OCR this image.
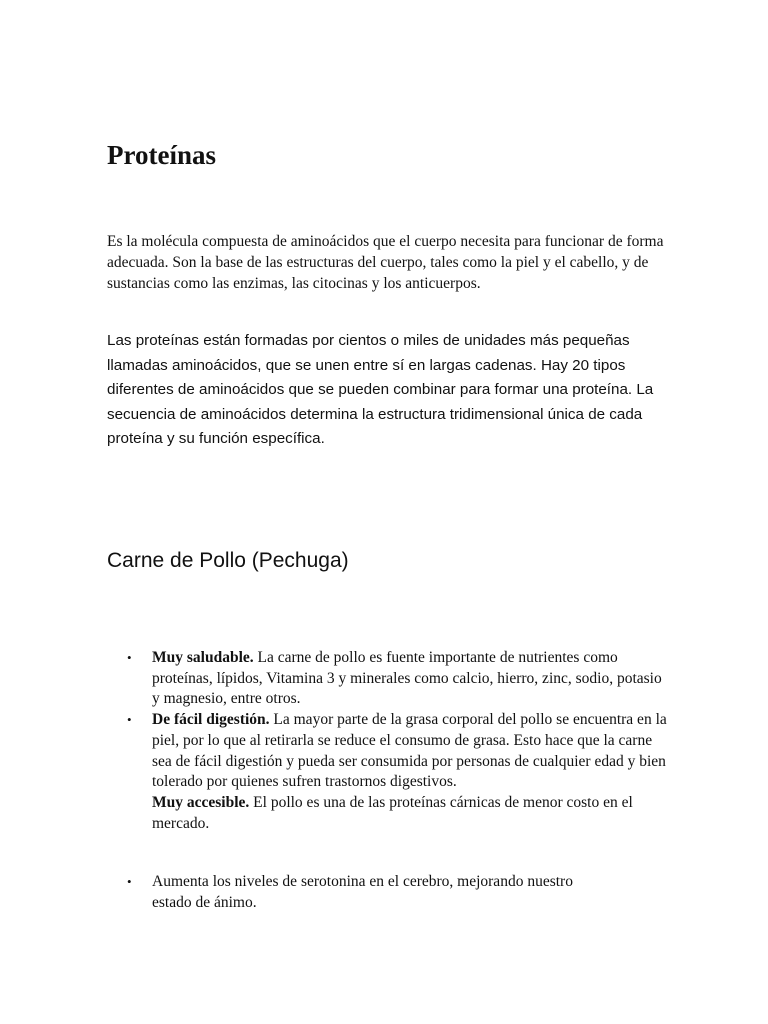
Proteínas

Es la molécula compuesta de aminoácidos que el cuerpo necesita para funcionar de forma adecuada. Son la base de las estructuras del cuerpo, tales como la piel y el cabello, y de sustancias como las enzimas, las citocinas y los anticuerpos.

Las proteínas están formadas por cientos o miles de unidades más pequeñas llamadas aminoácidos, que se unen entre sí en largas cadenas. Hay 20 tipos diferentes de aminoácidos que se pueden combinar para formar una proteína. La secuencia de aminoácidos determina la estructura tridimensional única de cada proteína y su función específica.

Carne de Pollo (Pechuga)
• Muy saludable. La carne de pollo es fuente importante de nutrientes como proteínas, lípidos, Vitamina 3 y minerales como calcio, hierro, zinc, sodio, potasio y magnesio, entre otros.
• De fácil digestión. La mayor parte de la grasa corporal del pollo se encuentra en la piel, por lo que al retirarla se reduce el consumo de grasa. Esto hace que la carne sea de fácil digestión y pueda ser consumida por personas de cualquier edad y bien tolerado por quienes sufren trastornos digestivos.
Muy accesible. El pollo es una de las proteínas cárnicas de menor costo en el mercado.
• Aumenta los niveles de serotonina en el cerebro, mejorando nuestro estado de ánimo.
